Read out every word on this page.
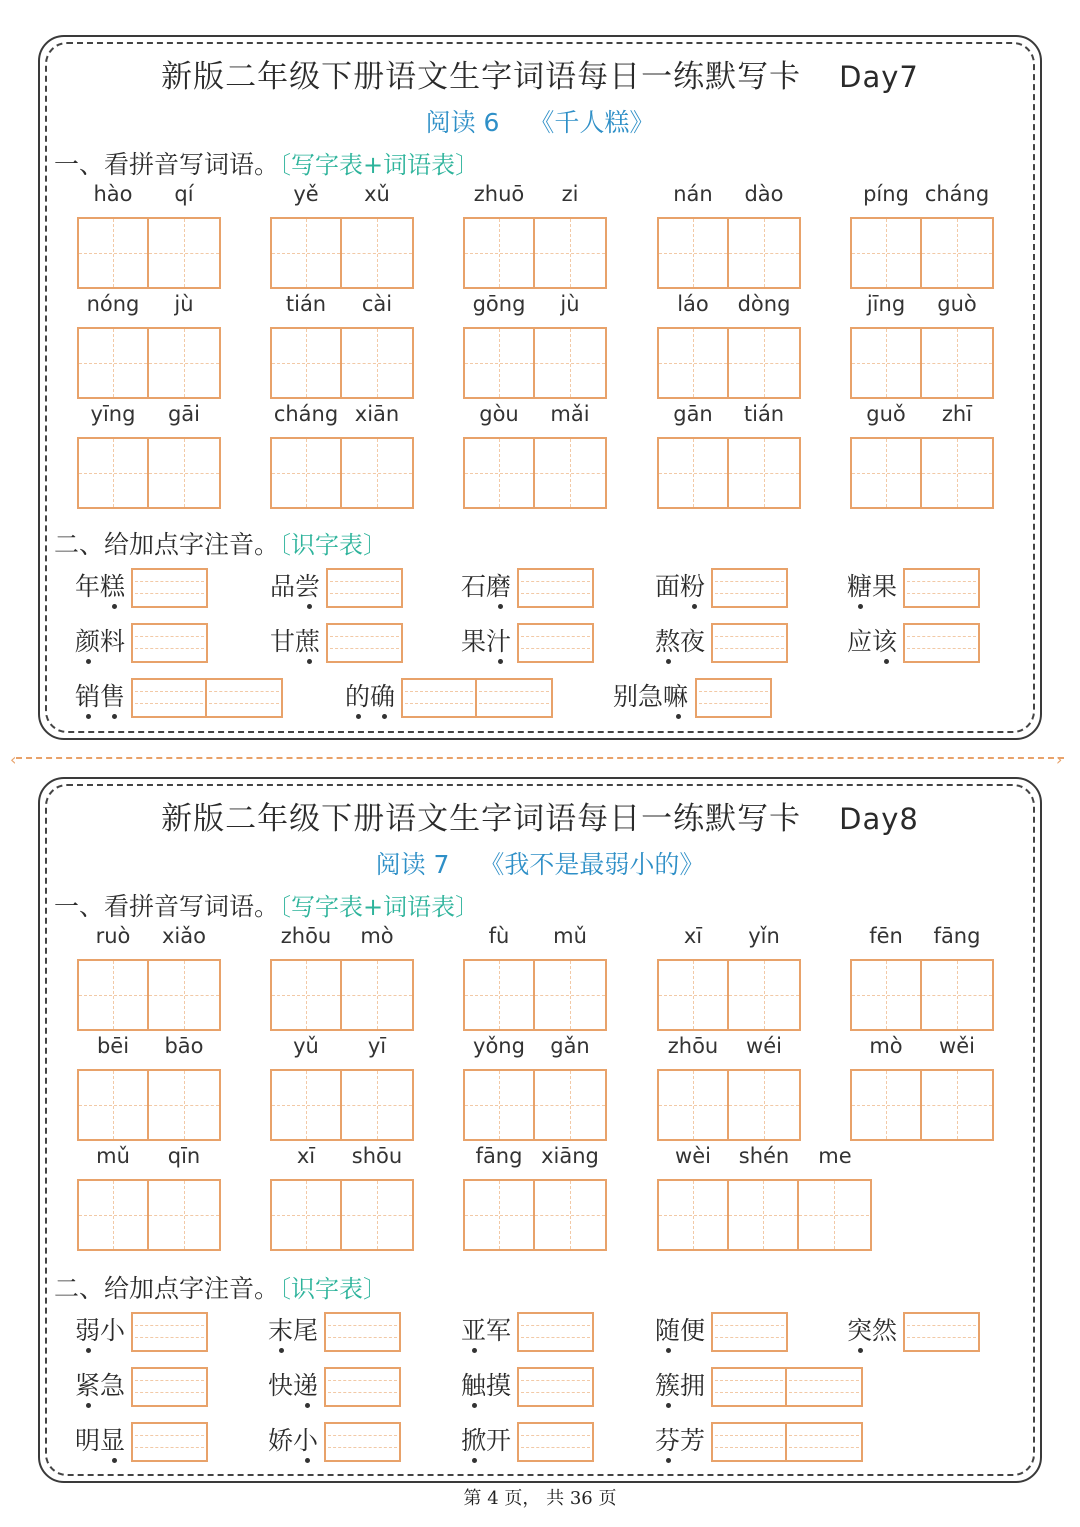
新版二年级下册语文生字词语每日一练默写卡 Day7
阅读 6 《千人糕》
一、看拼音写词语。〔写字表+词语表〕
二、给加点字注音。〔识字表〕
hào	qí	yě	xǔ	zhuō	zi	nán	dào	píng cháng
nóng	jù	tián	cài	gōng	jù	láo	dòng	jīng	guò
yīng	gāi	cháng xiān	gòu	mǎi	gān	tián	guǒ	zhī
年糕	品尝	石磨	面粉	糖果
颜料	甘蔗	果汁	熬夜	应该
销售	的确	别急嘛
‹	›
新版二年级下册语文生字词语每日一练默写卡 Day8
阅读 7 《我不是最弱小的》
一、看拼音写词语。〔写字表+词语表〕
二、给加点字注音。〔识字表〕
ruò	xiǎo	zhōu	mò	fù	mǔ	xī	yǐn	fēn	fāng
bēi	bāo	yǔ	yī	yǒng	gǎn	zhōu	wéi	mò	wěi
mǔ	qīn	xī	shōu	fāng xiāng	wèi	shén	me
弱小	末尾	亚军	随便	突然
紧急	快递	触摸	簇拥
明显	娇小	掀开	芬芳
第 4 页， 共 36 页
